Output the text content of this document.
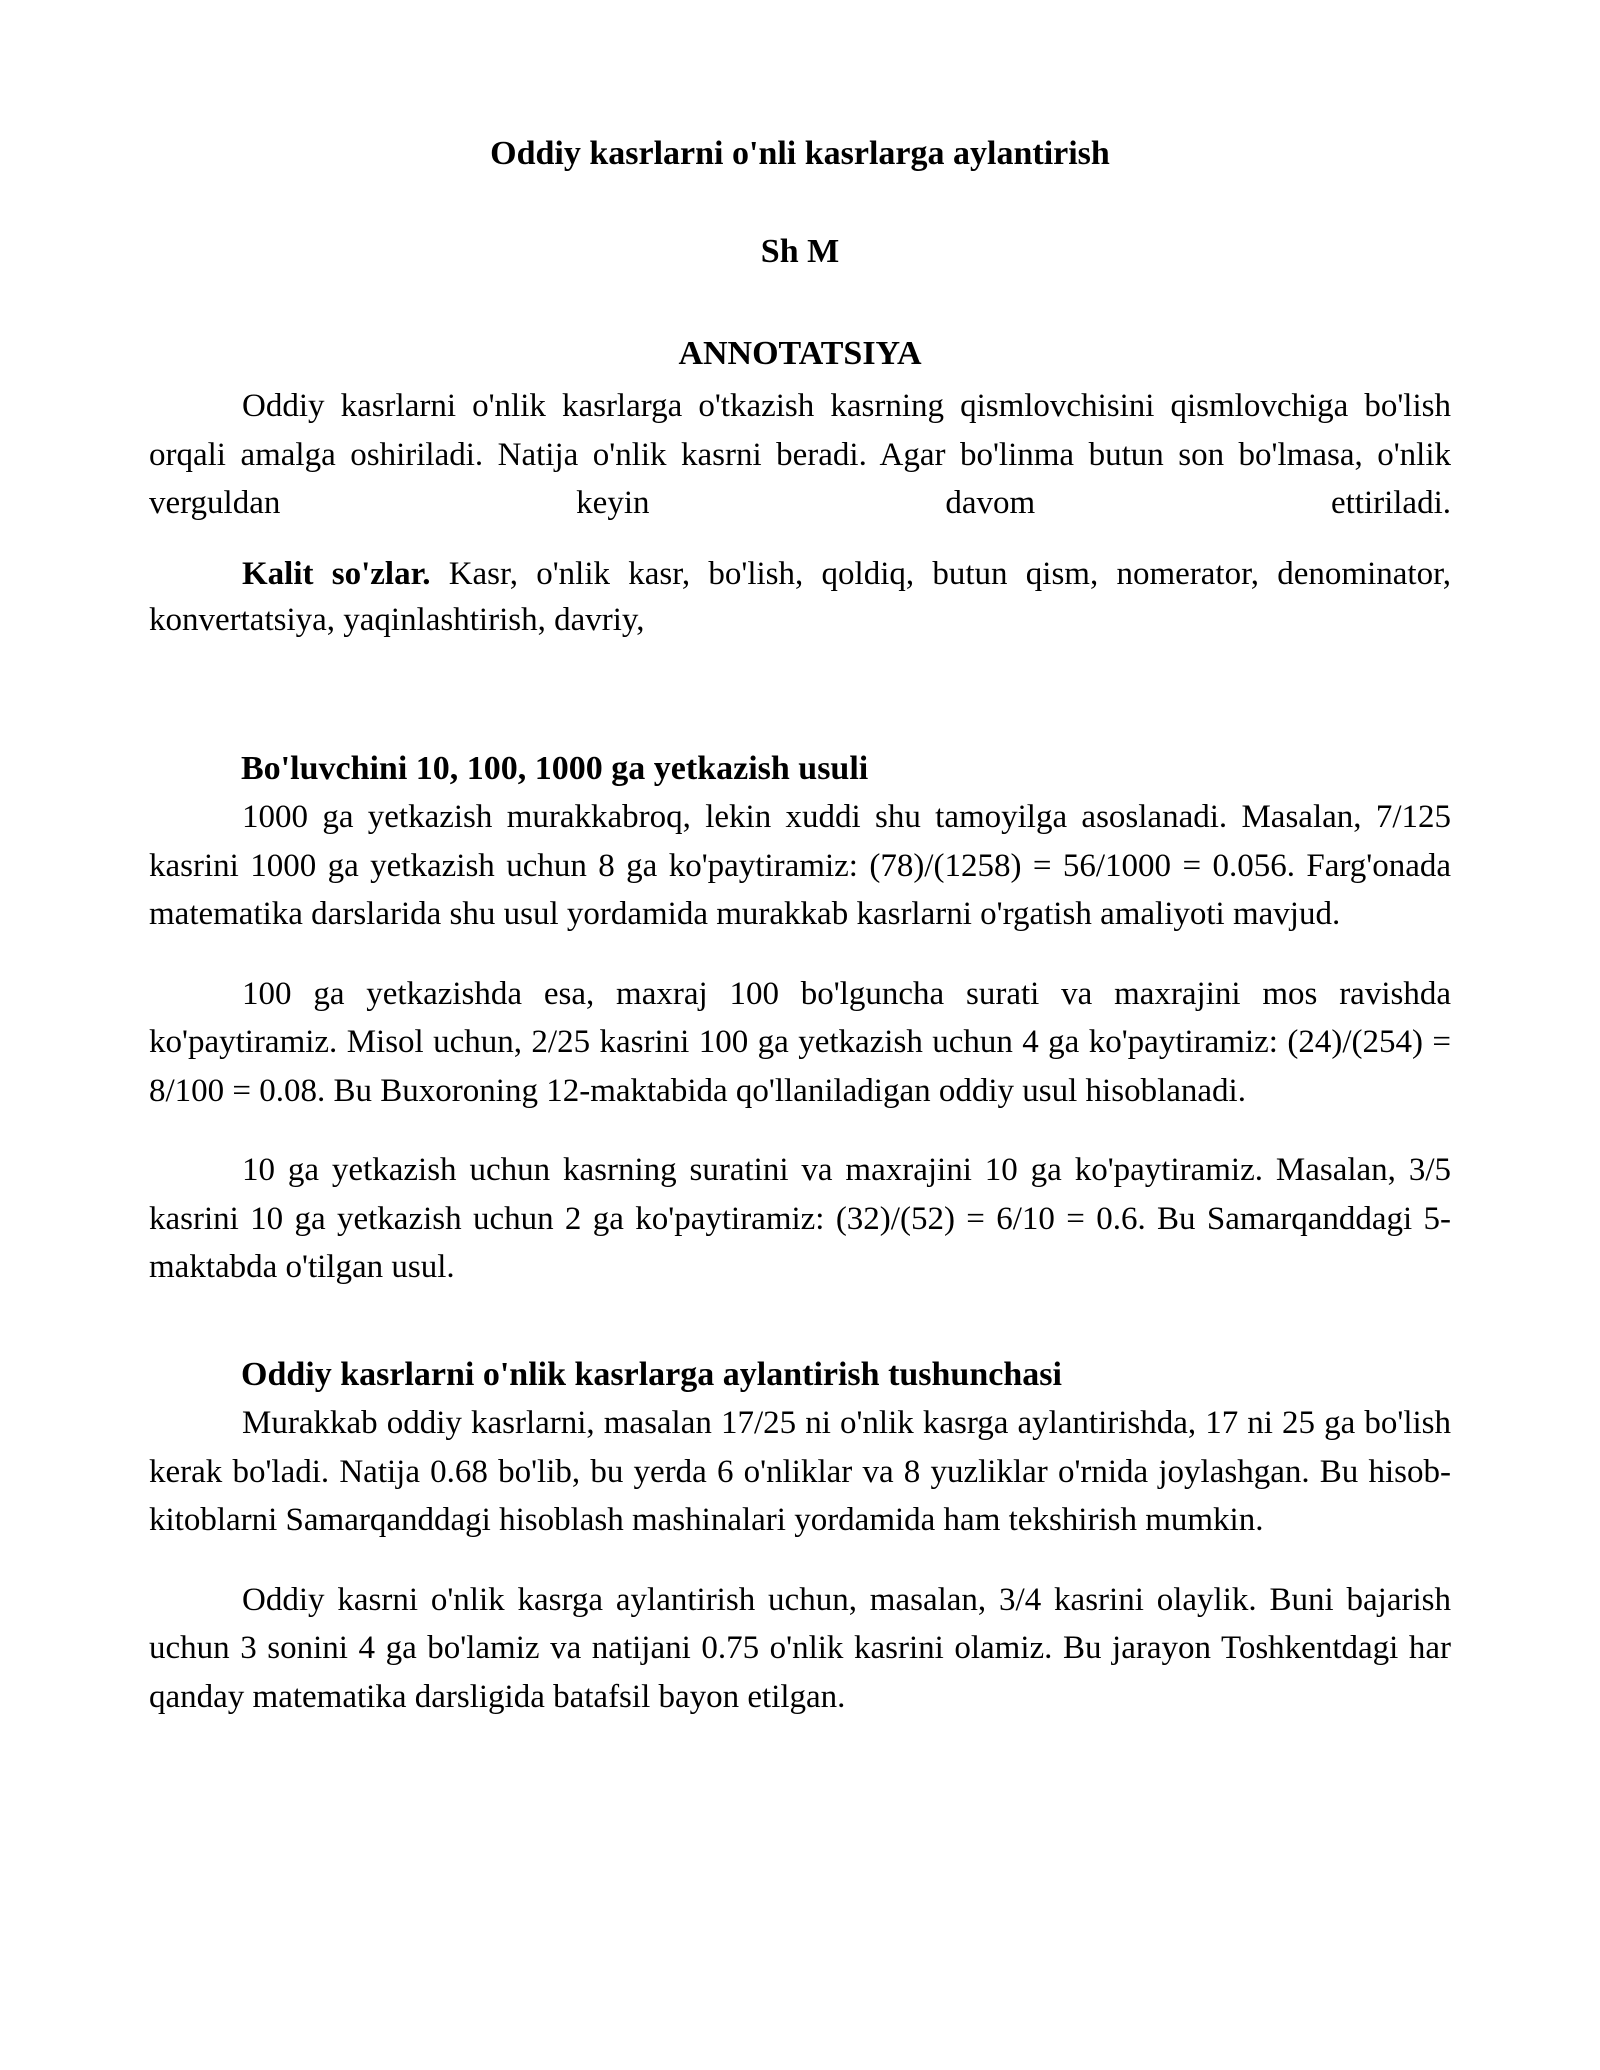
Oddiy kasrlarni o'nli kasrlarga aylantirish
Sh M
ANNOTATSIYA

Oddiy kasrlarni o'nlik kasrlarga o'tkazish kasrning qismlovchisini qismlovchiga bo'lish orqali amalga oshiriladi. Natija o'nlik kasrni beradi. Agar bo'linma butun son bo'lmasa, o'nlik verguldan keyin davom ettiriladi.

Kalit so'zlar. Kasr, o'nlik kasr, bo'lish, qoldiq, butun qism, nomerator, denominator, konvertatsiya, yaqinlashtirish, davriy,

Bo'luvchini 10, 100, 1000 ga yetkazish usuli

1000 ga yetkazish murakkabroq, lekin xuddi shu tamoyilga asoslanadi. Masalan, 7/125 kasrini 1000 ga yetkazish uchun 8 ga ko'paytiramiz: (78)/(1258) = 56/1000 = 0.056. Farg'onada matematika darslarida shu usul yordamida murakkab kasrlarni o'rgatish amaliyoti mavjud.

100 ga yetkazishda esa, maxraj 100 bo'lguncha surati va maxrajini mos ravishda ko'paytiramiz. Misol uchun, 2/25 kasrini 100 ga yetkazish uchun 4 ga ko'paytiramiz: (24)/(254) = 8/100 = 0.08. Bu Buxoroning 12-maktabida qo'llaniladigan oddiy usul hisoblanadi.

10 ga yetkazish uchun kasrning suratini va maxrajini 10 ga ko'paytiramiz. Masalan, 3/5 kasrini 10 ga yetkazish uchun 2 ga ko'paytiramiz: (32)/(52) = 6/10 = 0.6. Bu Samarqanddagi 5-maktabda o'tilgan usul.

Oddiy kasrlarni o'nlik kasrlarga aylantirish tushunchasi

Murakkab oddiy kasrlarni, masalan 17/25 ni o'nlik kasrga aylantirishda, 17 ni 25 ga bo'lish kerak bo'ladi. Natija 0.68 bo'lib, bu yerda 6 o'nliklar va 8 yuzliklar o'rnida joylashgan. Bu hisob-kitoblarni Samarqanddagi hisoblash mashinalari yordamida ham tekshirish mumkin.

Oddiy kasrni o'nlik kasrga aylantirish uchun, masalan, 3/4 kasrini olaylik. Buni bajarish uchun 3 sonini 4 ga bo'lamiz va natijani 0.75 o'nlik kasrini olamiz. Bu jarayon Toshkentdagi har qanday matematika darsligida batafsil bayon etilgan.
